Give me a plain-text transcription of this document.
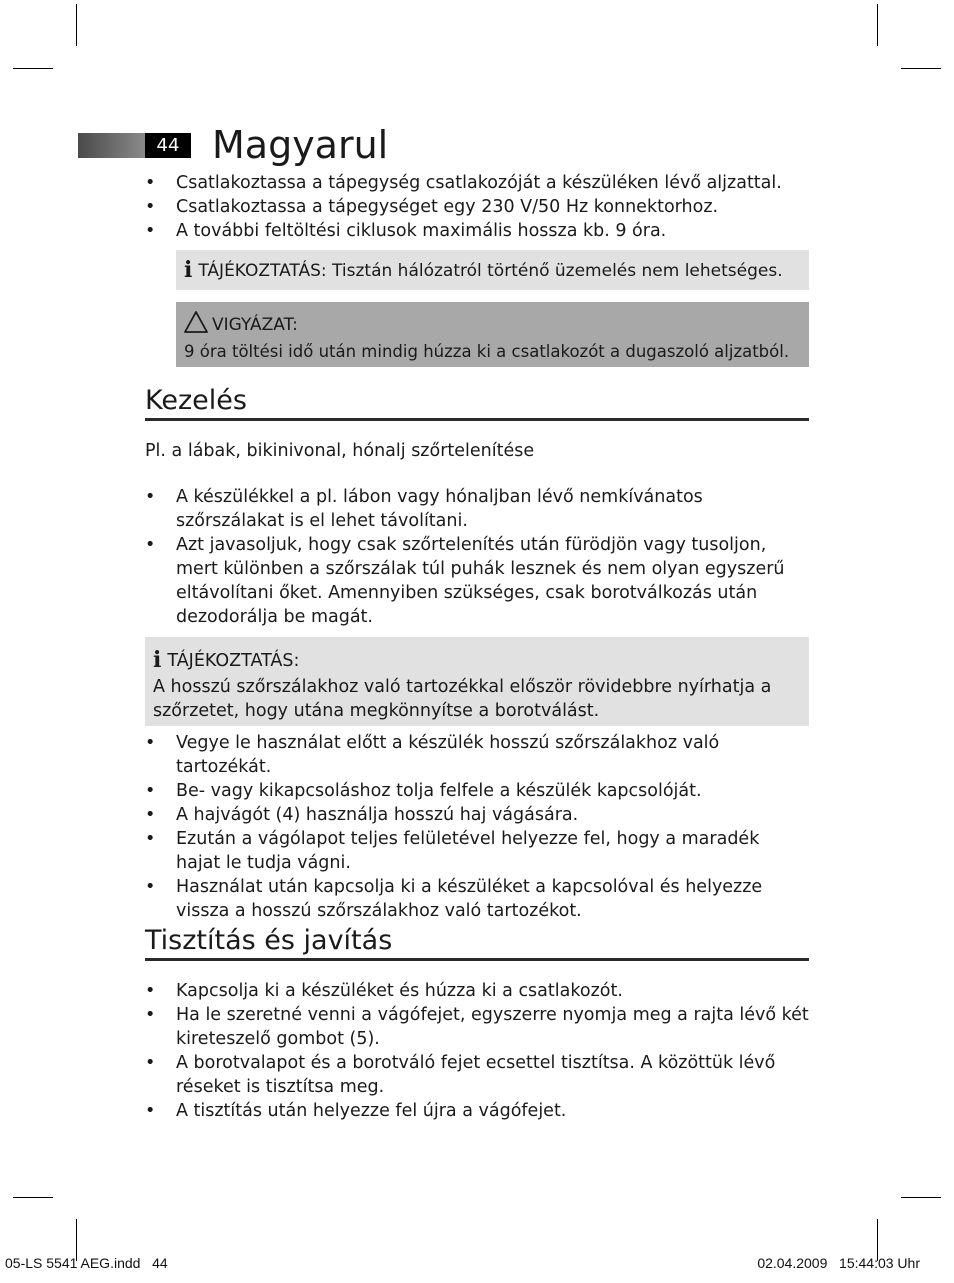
44 Magyarul
• Csatlakoztassa a tápegység csatlakozóját a készüléken lévő aljzattal.
• Csatlakoztassa a tápegységet egy 230 V/50 Hz konnektorhoz.
• A további feltöltési ciklusok maximális hossza kb. 9 óra.
i TÁJÉKOZTATÁS: Tisztán hálózatról történő üzemelés nem lehetséges.
VIGYÁZAT:
9 óra töltési idő után mindig húzza ki a csatlakozót a dugaszoló aljzatból.
Kezelés
Pl. a lábak, bikinivonal, hónalj szőrtelenítése
• A készülékkel a pl. lábon vagy hónaljban lévő nemkívánatos szőrszálakat is el lehet távolítani.
• Azt javasoljuk, hogy csak szőrtelenítés után fürödjön vagy tusoljon, mert különben a szőrszálak túl puhák lesznek és nem olyan egyszerű eltávolítani őket. Amennyiben szükséges, csak borotválkozás után dezodorálja be magát.
i TÁJÉKOZTATÁS:
A hosszú szőrszálakhoz való tartozékkal először rövidebbre nyírhatja a szőrzetet, hogy utána megkönnyítse a borotválást.
• Vegye le használat előtt a készülék hosszú szőrszálakhoz való tartozékát.
• Be- vagy kikapcsoláshoz tolja felfele a készülék kapcsolóját.
• A hajvágót (4) használja hosszú haj vágására.
• Ezután a vágólapot teljes felületével helyezze fel, hogy a maradék hajat le tudja vágni.
• Használat után kapcsolja ki a készüléket a kapcsolóval és helyezze vissza a hosszú szőrszálakhoz való tartozékot.
Tisztítás és javítás
• Kapcsolja ki a készüléket és húzza ki a csatlakozót.
• Ha le szeretné venni a vágófejet, egyszerre nyomja meg a rajta lévő két kireteszelő gombot (5).
• A borotvalapot és a borotváló fejet ecsettel tisztítsa. A közöttük lévő réseket is tisztítsa meg.
• A tisztítás után helyezze fel újra a vágófejet.
05-LS 5541 AEG.indd   44	02.04.2009   15:44:03 Uhr
